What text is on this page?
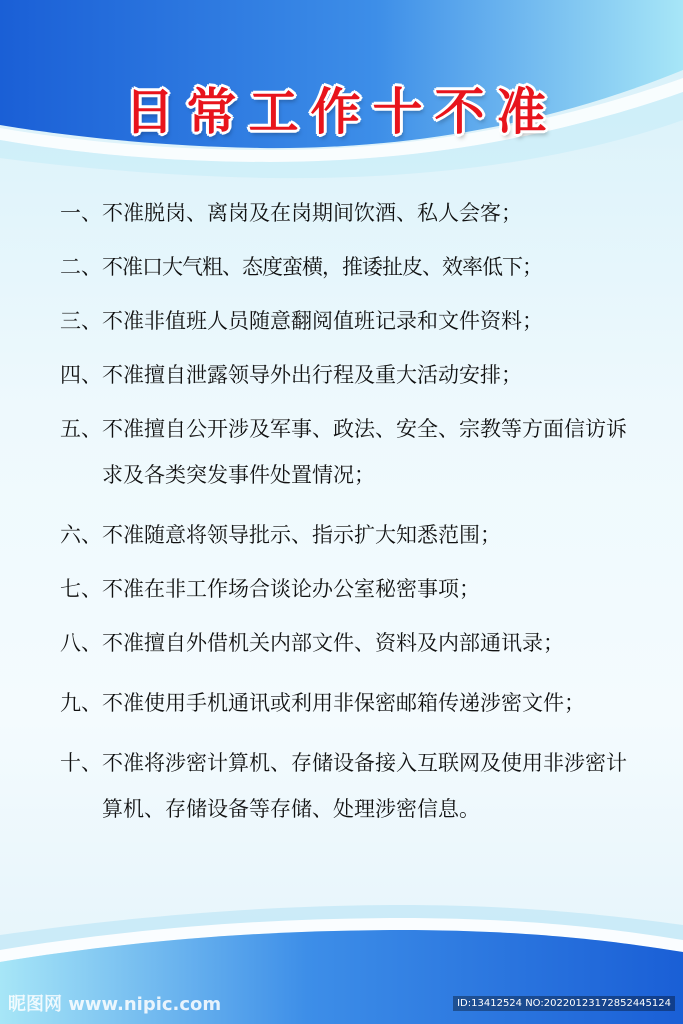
日常工作十不准
一、 不准脱岗、离岗及在岗期间饮酒、私人会客；
二、 不准口大气粗、态度蛮横，推诿扯皮、效率低下；
三、 不准非值班人员随意翻阅值班记录和文件资料；
四、 不准擅自泄露领导外出行程及重大活动安排；
五、 不准擅自公开涉及军事、政法、安全、宗教等方面信访诉求及各类突发事件处置情况；
六、 不准随意将领导批示、指示扩大知悉范围；
七、 不准在非工作场合谈论办公室秘密事项；
八、 不准擅自外借机关内部文件、资料及内部通讯录；
九、 不准使用手机通讯或利用非保密邮箱传递涉密文件；
十、 不准将涉密计算机、存储设备接入互联网及使用非涉密计算机、存储设备等存储、处理涉密信息。
昵图网 www.nipic.com	ID:13412524 NO:20220123172852445124
